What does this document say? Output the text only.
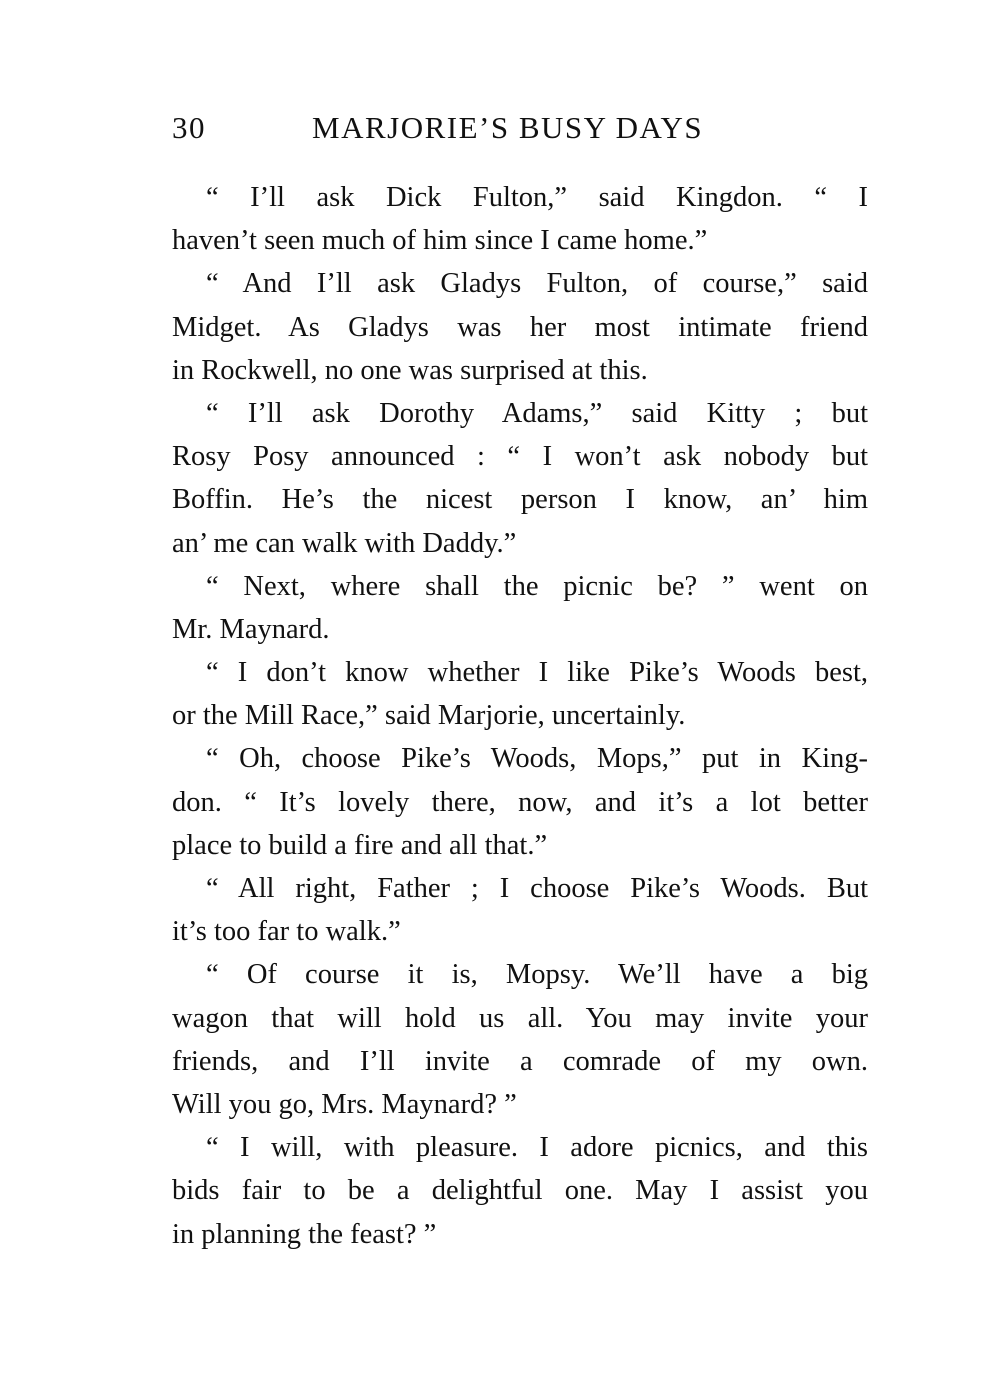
30	MARJORIE’S BUSY DAYS
“ I’ll ask Dick Fulton,” said Kingdon. “ I
haven’t seen much of him since I came home.”
“ And I’ll ask Gladys Fulton, of course,” said
Midget. As Gladys was her most intimate friend
in Rockwell, no one was surprised at this.
“ I’ll ask Dorothy Adams,” said Kitty ; but
Rosy Posy announced : “ I won’t ask nobody but
Boffin. He’s the nicest person I know, an’ him
an’ me can walk with Daddy.”
“ Next, where shall the picnic be? ” went on
Mr. Maynard.
“ I don’t know whether I like Pike’s Woods best,
or the Mill Race,” said Marjorie, uncertainly.
“ Oh, choose Pike’s Woods, Mops,” put in King-
don. “ It’s lovely there, now, and it’s a lot better
place to build a fire and all that.”
“ All right, Father ; I choose Pike’s Woods. But
it’s too far to walk.”
“ Of course it is, Mopsy. We’ll have a big
wagon that will hold us all. You may invite your
friends, and I’ll invite a comrade of my own.
Will you go, Mrs. Maynard? ”
“ I will, with pleasure. I adore picnics, and this
bids fair to be a delightful one. May I assist you
in planning the feast? ”
